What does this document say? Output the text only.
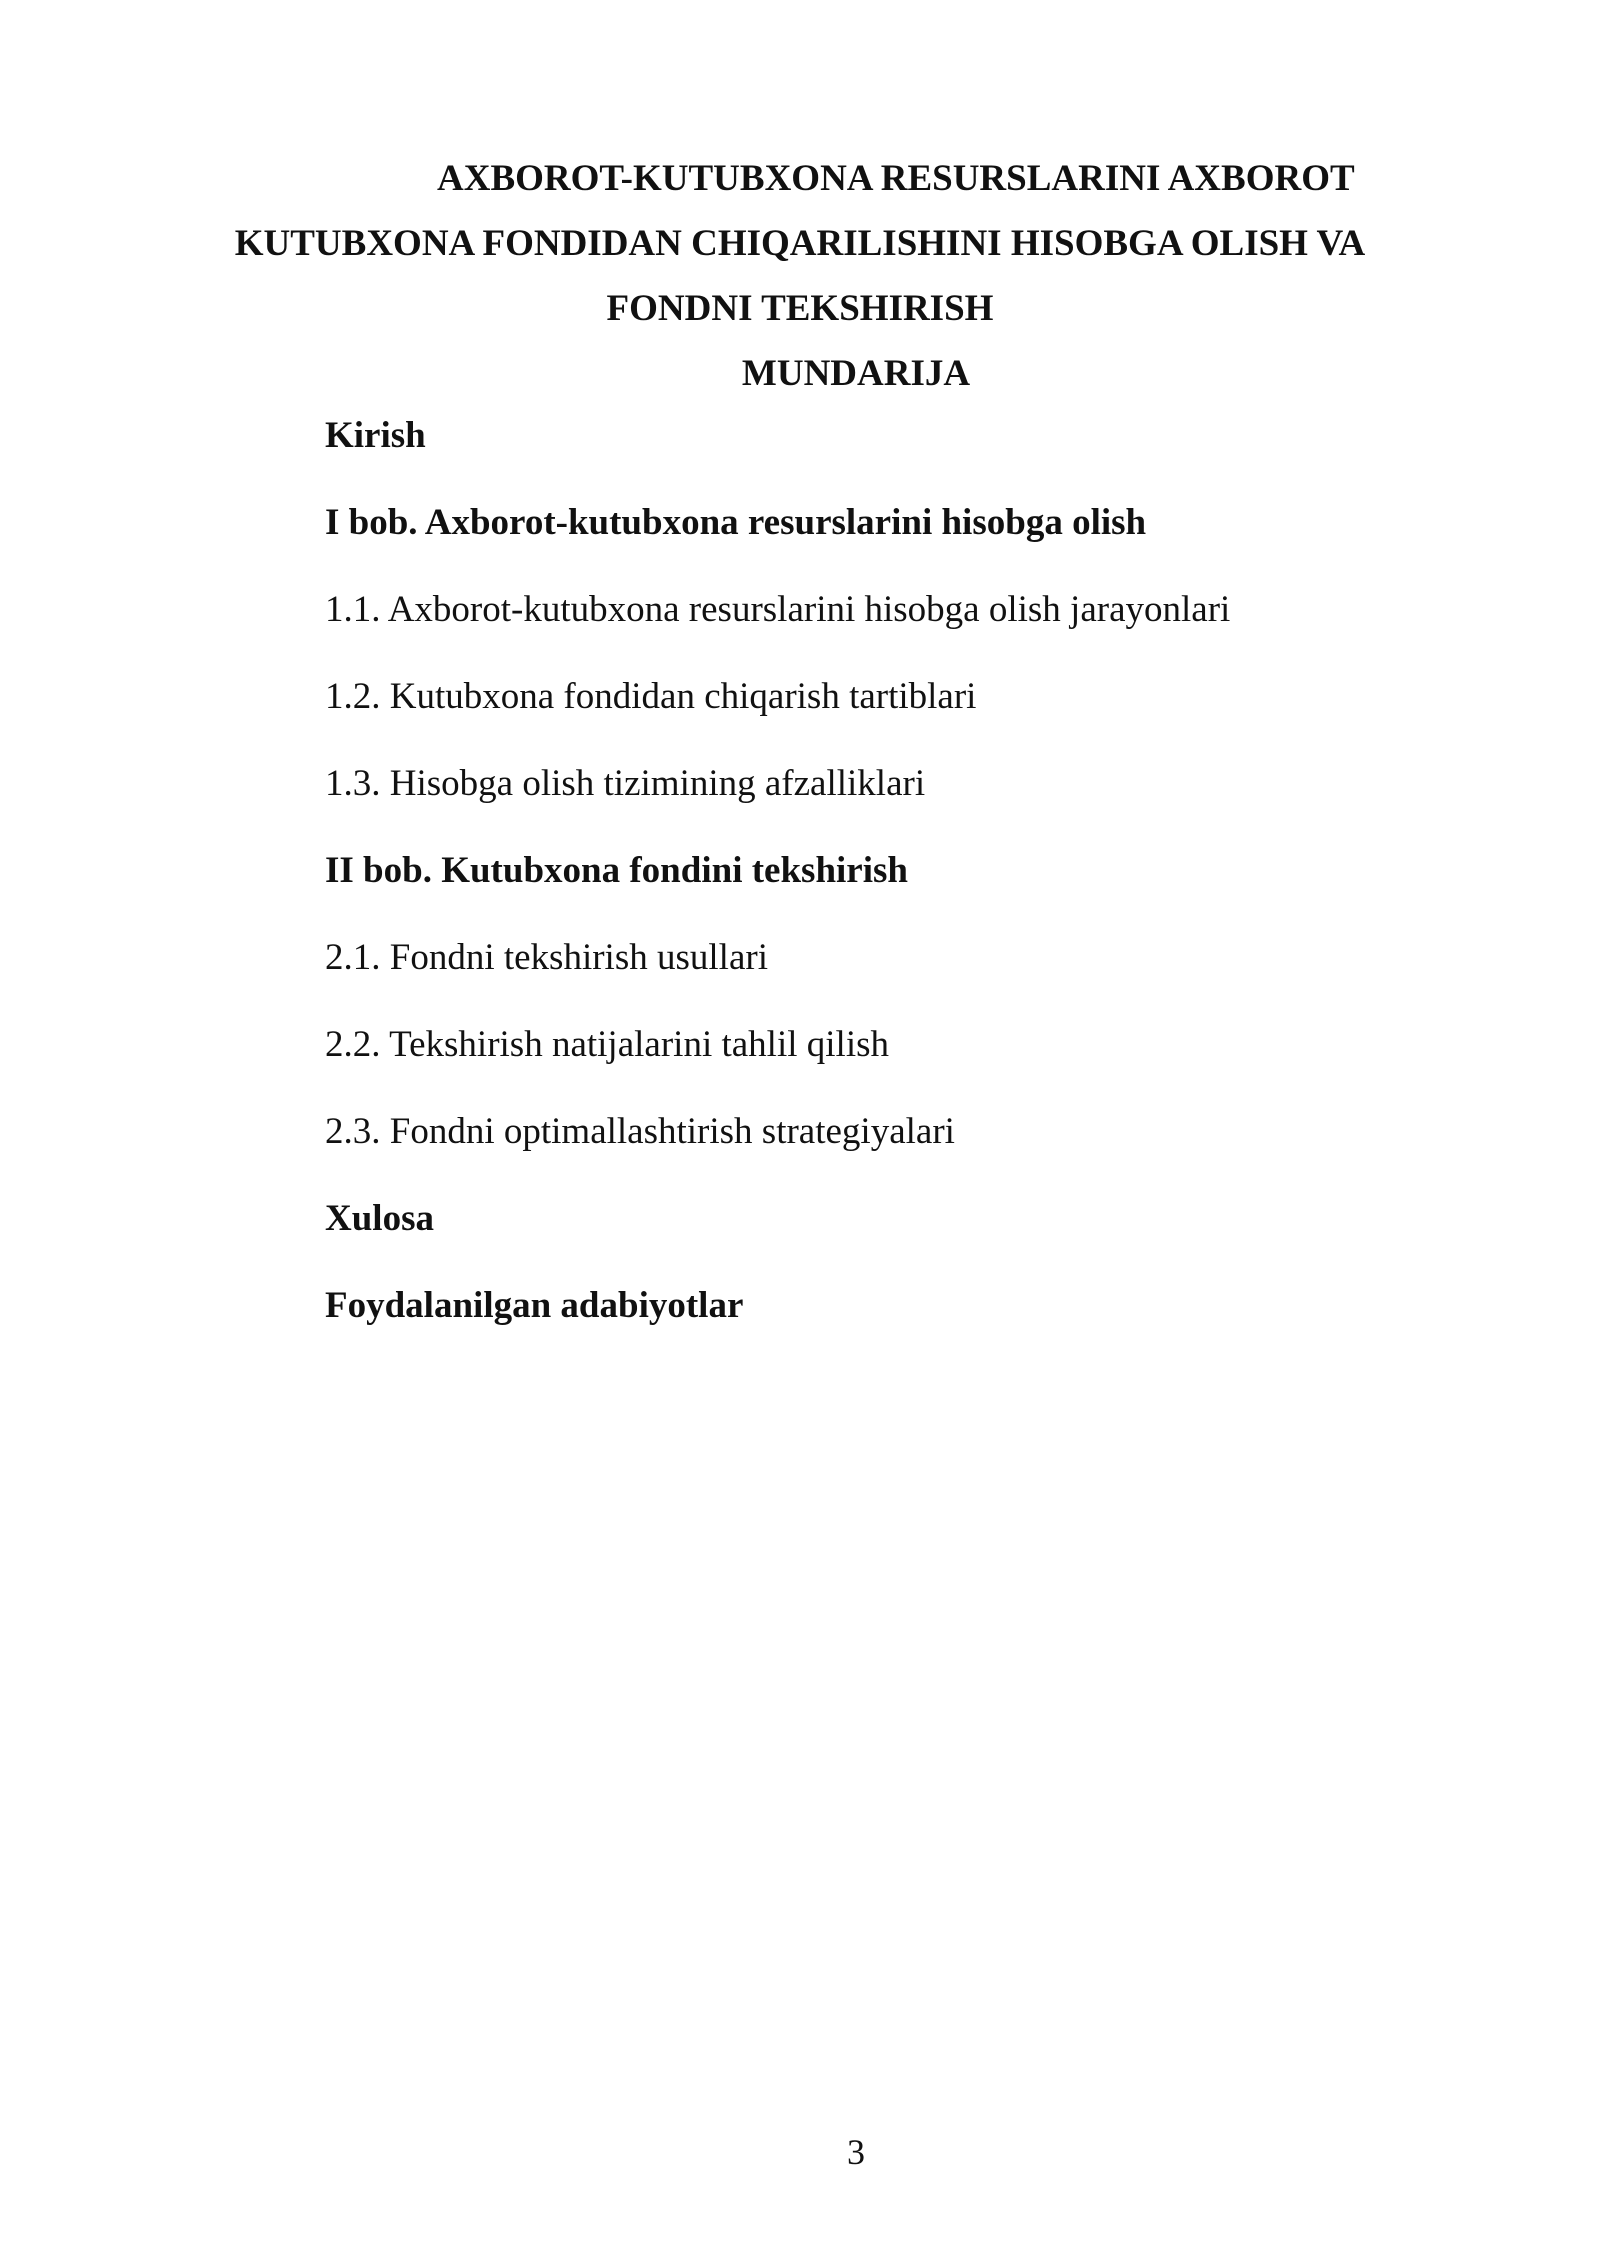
AXBOROT-KUTUBXONA RESURSLARINI AXBOROT
KUTUBXONA FONDIDAN CHIQARILISHINI HISOBGA OLISH VA
FONDNI TEKSHIRISH
MUNDARIJA
Kirish
I bob. Axborot-kutubxona resurslarini hisobga olish
1.1. Axborot-kutubxona resurslarini hisobga olish jarayonlari
1.2. Kutubxona fondidan chiqarish tartiblari
1.3. Hisobga olish tizimining afzalliklari
II bob. Kutubxona fondini tekshirish
2.1. Fondni tekshirish usullari
2.2. Tekshirish natijalarini tahlil qilish
2.3. Fondni optimallashtirish strategiyalari
Xulosa
Foydalanilgan adabiyotlar
3
